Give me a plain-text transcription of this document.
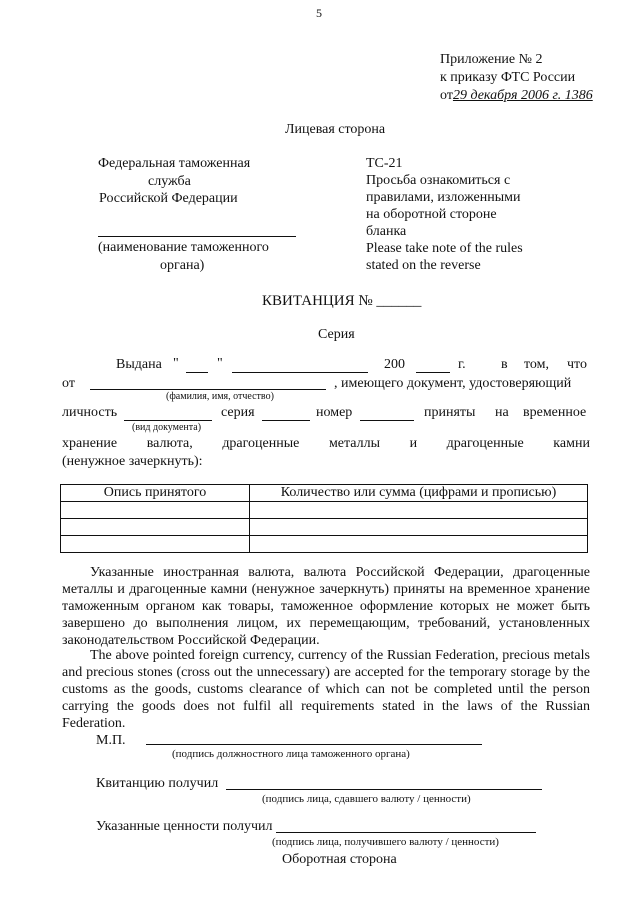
5
Приложение № 2
к приказу ФТС России
от29 декабря 2006 г. 1386
Лицевая сторона
Федеральная таможенная
служба
Российской Федерации
(наименование таможенного
органа)
ТС-21
Просьба ознакомиться с
правилами, изложенными
на оборотной стороне
бланка
Please take note of the rules
stated on the reverse
КВИТАНЦИЯ № ______
Серия
Выдана "	"	200	г.	в том, что
от	, имеющего документ, удостоверяющий
(фамилия, имя, отчество)
личность
(вид документа)
серия	номер	приняты на временное
хранение валюта, драгоценные металлы и драгоценные камни
(ненужное зачеркнуть):
Опись принятого	Количество или сумма (цифрами и прописью)

Указанные иностранная валюта, валюта Российской Федерации, драгоценные металлы и драгоценные камни (ненужное зачеркнуть) приняты на временное хранение таможенным органом как товары, таможенное оформление которых не может быть завершено до выполнения лицом, их перемещающим, требований, установленных законодательством Российской Федерации.
The above pointed foreign currency, currency of the Russian Federation, precious metals and precious stones (cross out the unnecessary) are accepted for the temporary storage by the customs as the goods, customs clearance of which can not be completed until the person carrying the goods does not fulfil all requirements stated in the laws of the Russian Federation.
М.П.
(подпись должностного лица таможенного органа)
Квитанцию получил
(подпись лица, сдавшего валюту / ценности)
Указанные ценности получил
(подпись лица, получившего валюту / ценности)
Оборотная сторона
